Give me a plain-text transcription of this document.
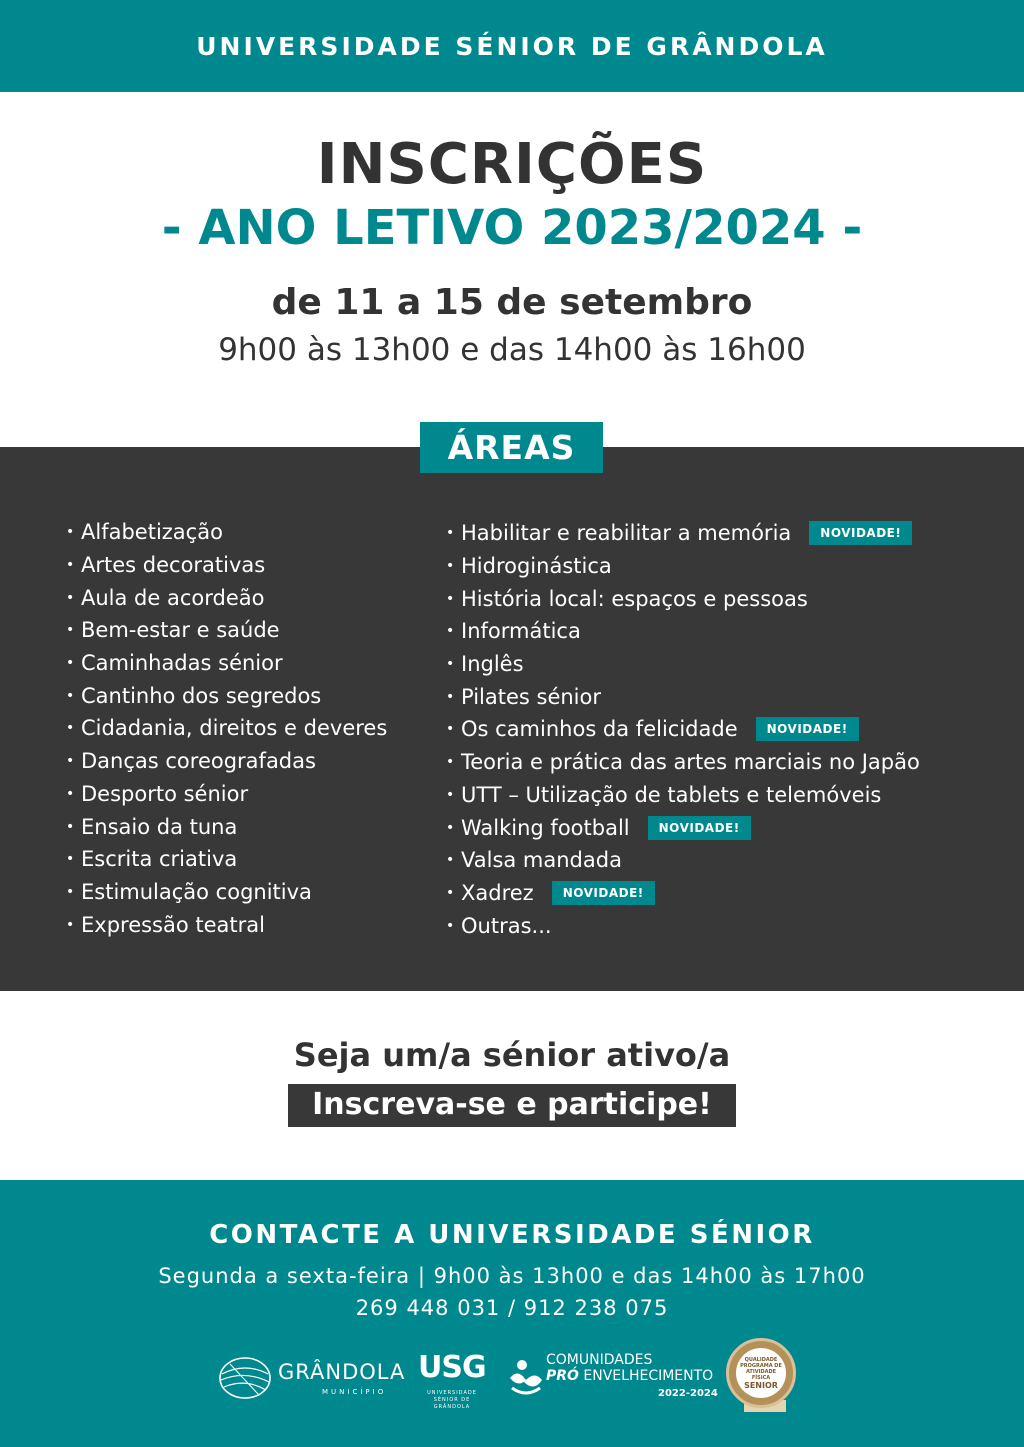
UNIVERSIDADE SÉNIOR DE GRÂNDOLA
INSCRIÇÕES
- ANO LETIVO 2023/2024 -
de 11 a 15 de setembro
9h00 às 13h00 e das 14h00 às 16h00
ÁREAS
• Alfabetização
• Artes decorativas
• Aula de acordeão
• Bem-estar e saúde
• Caminhadas sénior
• Cantinho dos segredos
• Cidadania, direitos e deveres
• Danças coreografadas
• Desporto sénior
• Ensaio da tuna
• Escrita criativa
• Estimulação cognitiva
• Expressão teatral
• Habilitar e reabilitar a memória	NOVIDADE!
• Hidroginástica
• História local: espaços e pessoas
• Informática
• Inglês
• Pilates sénior
• Os caminhos da felicidade	NOVIDADE!
• Teoria e prática das artes marciais no Japão
• UTT – Utilização de tablets e telemóveis
• Walking football	NOVIDADE!
• Valsa mandada
• Xadrez	NOVIDADE!
• Outras...
Seja um/a sénior ativo/a
Inscreva-se e participe!
CONTACTE A UNIVERSIDADE SÉNIOR
Segunda a sexta-feira | 9h00 às 13h00 e das 14h00 às 17h00
269 448 031 / 912 238 075
GRÂNDOLA
MUNICÍPIO
USG
UNIVERSIDADE SÉNIOR DE GRÂNDOLA
COMUNIDADES
PRÓ ENVELHECIMENTO
2022-2024
QUALIDADE
PROGRAMA DE
ATIVIDADE FÍSICA
SENIOR
